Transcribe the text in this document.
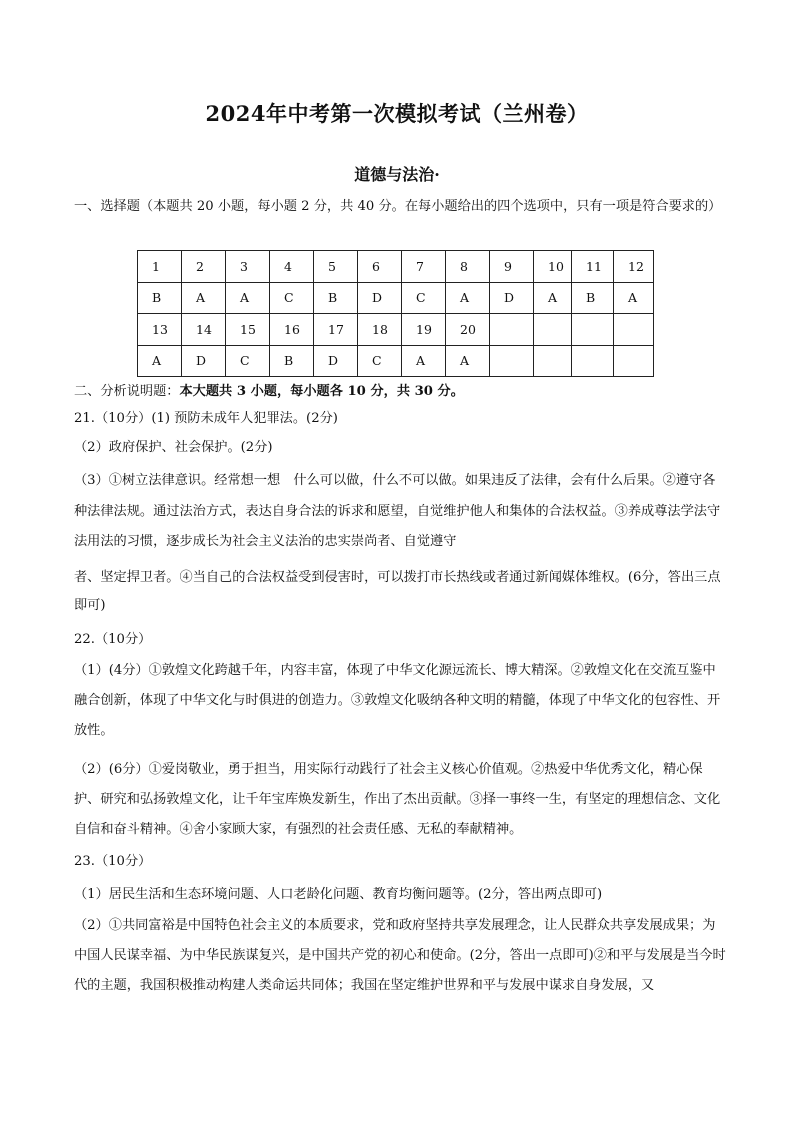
2024年中考第一次模拟考试（兰州卷）
道德与法治·
一、选择题（本题共 20 小题，每小题 2 分，共 40 分。在每小题给出的四个选项中，只有一项是符合要求的）
1	2	3	4	5	6	7	8	9	10	11	12
B	A	A	C	B	D	C	A	D	A	B	A
13	14	15	16	17	18	19	20				
A	D	C	B	D	C	A	A				
二、分析说明题：本大题共 3 小题，每小题各 10 分，共 30 分。
21.（10分）(1) 预防未成年人犯罪法。(2分)
（2）政府保护、社会保护。(2分)
（3）①树立法律意识。经常想一想　什么可以做，什么不可以做。如果违反了法律，会有什么后果。②遵守各种法律法规。通过法治方式，表达自身合法的诉求和愿望，自觉维护他人和集体的合法权益。③养成尊法学法守法用法的习惯，逐步成长为社会主义法治的忠实崇尚者、自觉遵守
者、坚定捍卫者。④当自己的合法权益受到侵害时，可以拨打市长热线或者通过新闻媒体维权。(6分，答出三点即可)
22.（10分）
（1）(4分）①敦煌文化跨越千年，内容丰富，体现了中华文化源远流长、博大精深。②敦煌文化在交流互鉴中融合创新，体现了中华文化与时俱进的创造力。③敦煌文化吸纳各种文明的精髓，体现了中华文化的包容性、开放性。
（2）(6分）①爱岗敬业，勇于担当，用实际行动践行了社会主义核心价值观。②热爱中华优秀文化，精心保护、研究和弘扬敦煌文化，让千年宝库焕发新生，作出了杰出贡献。③择一事终一生，有坚定的理想信念、文化自信和奋斗精神。④舍小家顾大家，有强烈的社会责任感、无私的奉献精神。
23.（10分）
（1）居民生活和生态环境问题、人口老龄化问题、教育均衡问题等。(2分，答出两点即可)
（2）①共同富裕是中国特色社会主义的本质要求，党和政府坚持共享发展理念，让人民群众共享发展成果；为中国人民谋幸福、为中华民族谋复兴，是中国共产党的初心和使命。(2分，答出一点即可)②和平与发展是当今时代的主题，我国积极推动构建人类命运共同体；我国在坚定维护世界和平与发展中谋求自身发展，又
